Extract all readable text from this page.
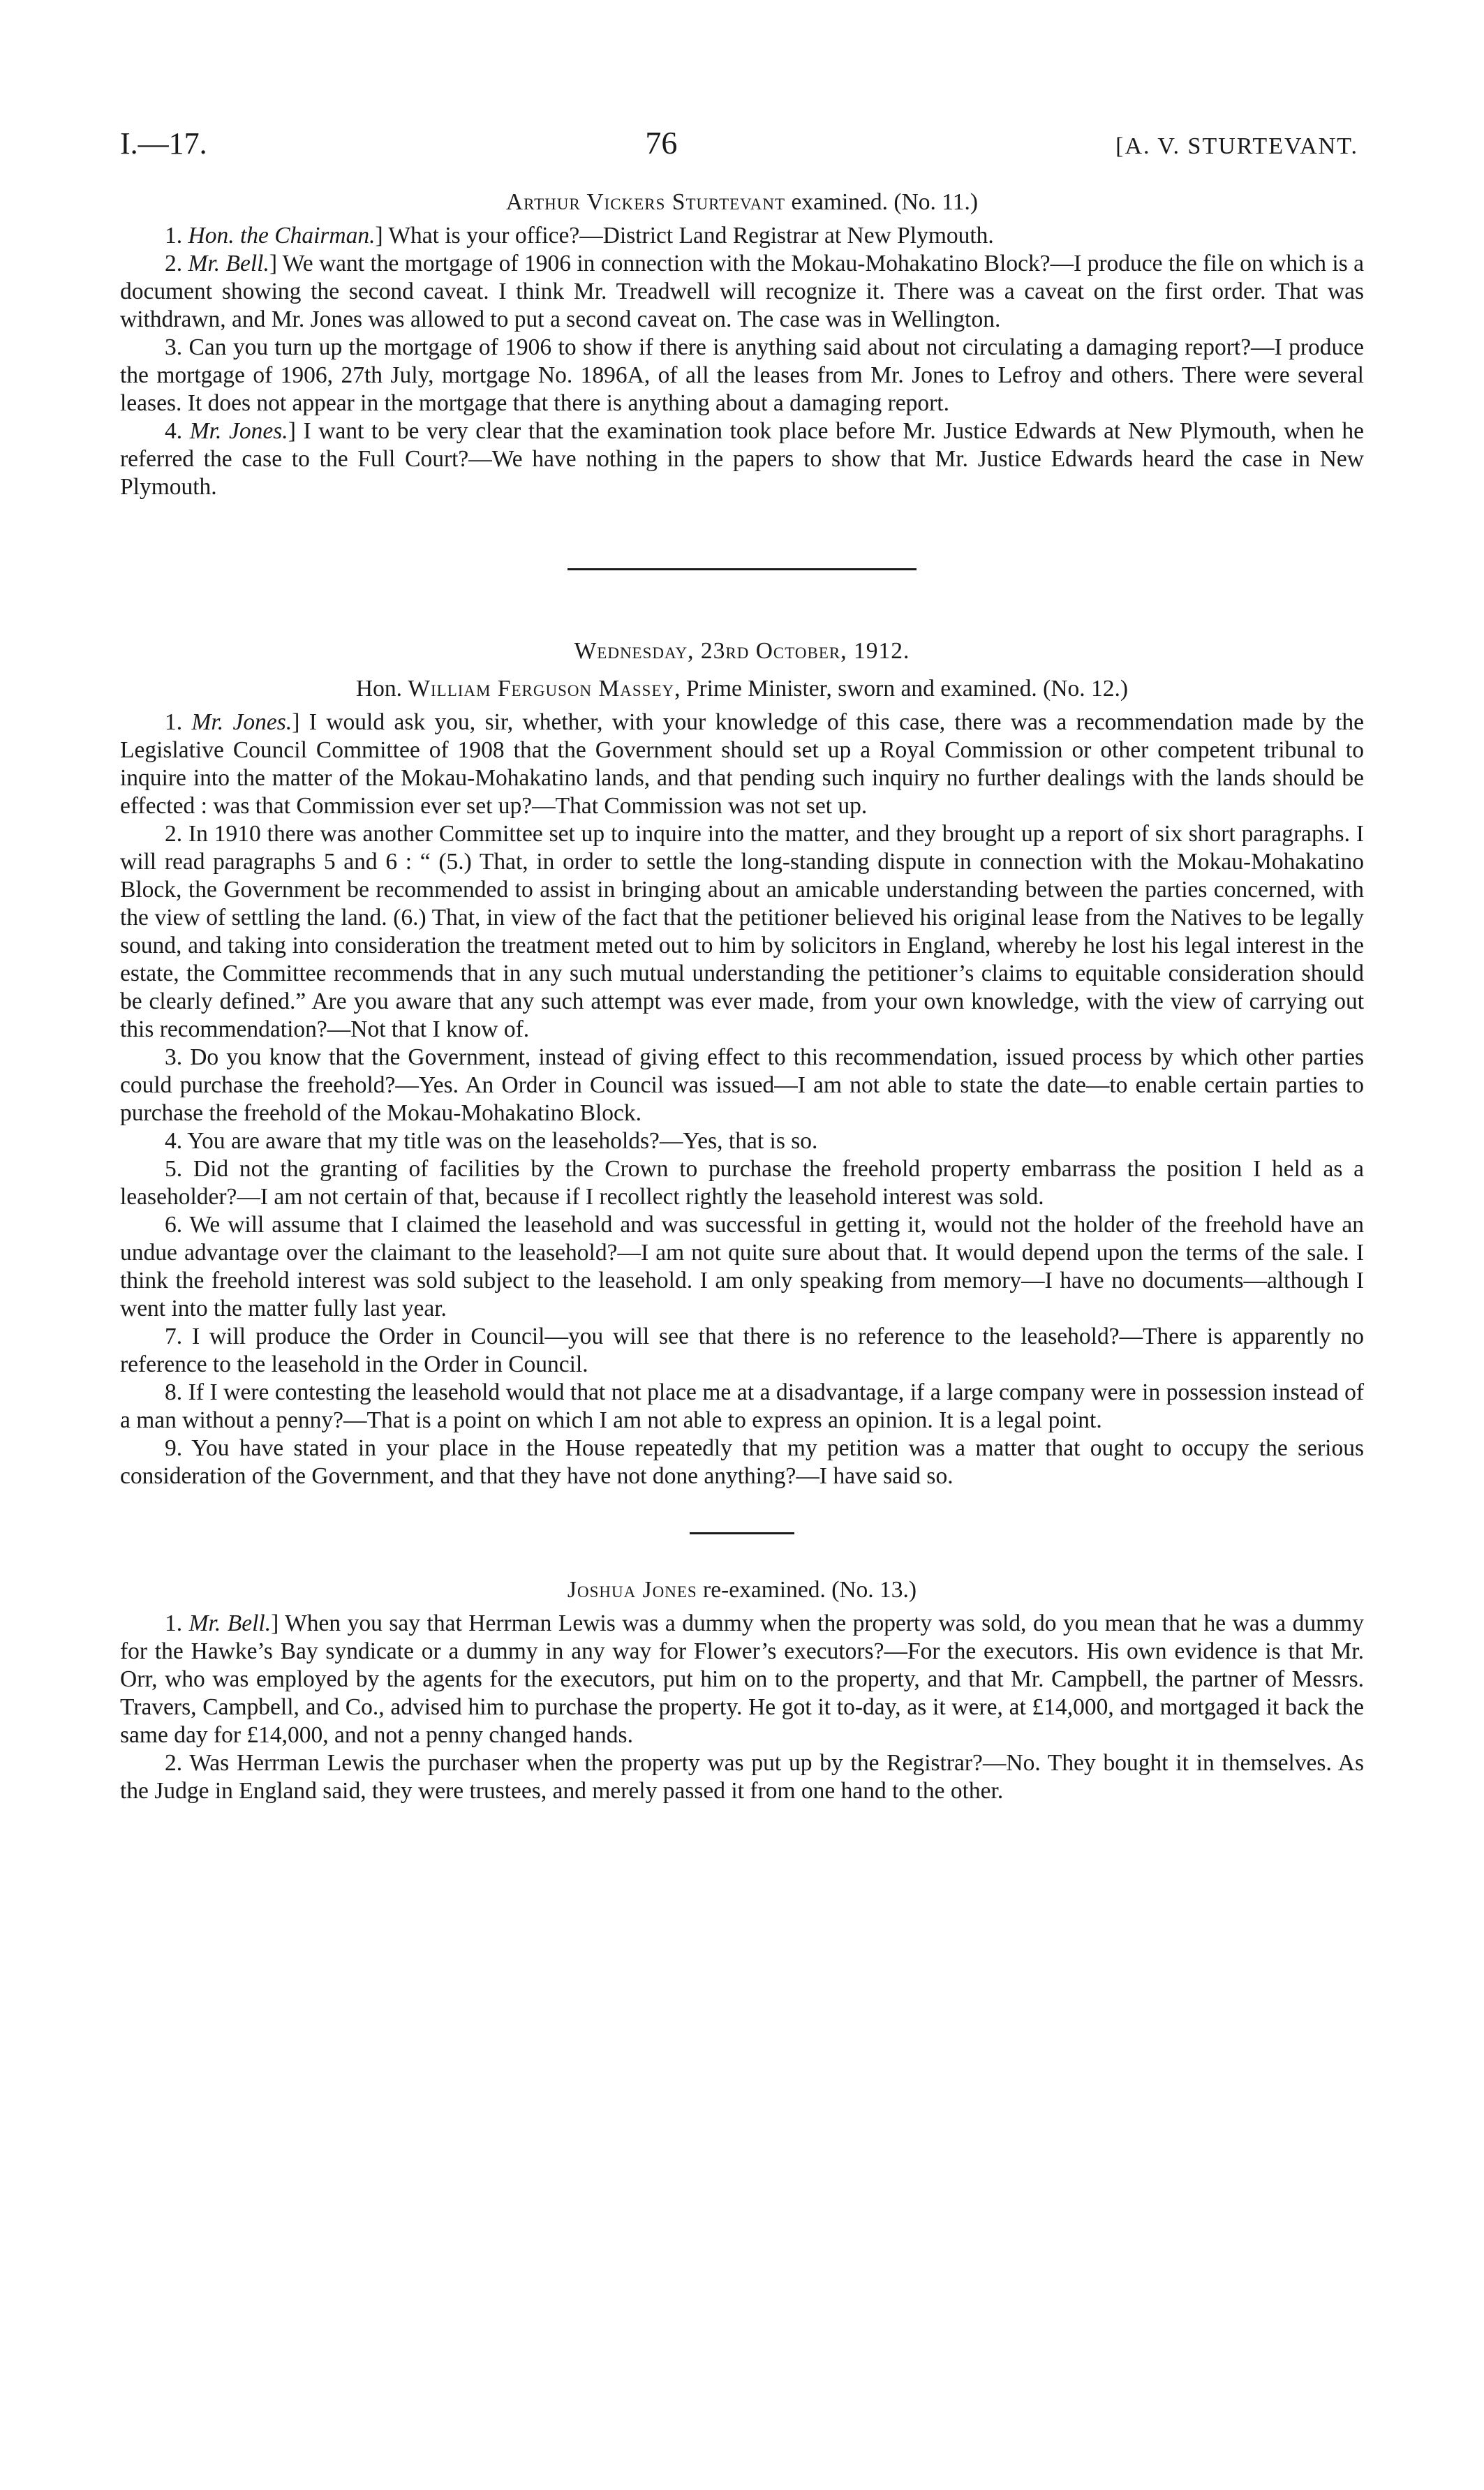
I.—17.	76	[A. V. STURTEVANT.
Arthur Vickers Sturtevant examined. (No. 11.)

1. Hon. the Chairman.] What is your office?—District Land Registrar at New Plymouth.

2. Mr. Bell.] We want the mortgage of 1906 in connection with the Mokau-Mohakatino Block?—I produce the file on which is a document showing the second caveat. I think Mr. Treadwell will recognize it. There was a caveat on the first order. That was withdrawn, and Mr. Jones was allowed to put a second caveat on. The case was in Wellington.

3. Can you turn up the mortgage of 1906 to show if there is anything said about not circulating a damaging report?—I produce the mortgage of 1906, 27th July, mortgage No. 1896A, of all the leases from Mr. Jones to Lefroy and others. There were several leases. It does not appear in the mortgage that there is anything about a damaging report.

4. Mr. Jones.] I want to be very clear that the examination took place before Mr. Justice Edwards at New Plymouth, when he referred the case to the Full Court?—We have nothing in the papers to show that Mr. Justice Edwards heard the case in New Plymouth.

Wednesday, 23rd October, 1912.
Hon. William Ferguson Massey, Prime Minister, sworn and examined. (No. 12.)

1. Mr. Jones.] I would ask you, sir, whether, with your knowledge of this case, there was a recommendation made by the Legislative Council Committee of 1908 that the Government should set up a Royal Commission or other competent tribunal to inquire into the matter of the Mokau-Mohakatino lands, and that pending such inquiry no further dealings with the lands should be effected : was that Commission ever set up?—That Commission was not set up.

2. In 1910 there was another Committee set up to inquire into the matter, and they brought up a report of six short paragraphs. I will read paragraphs 5 and 6 : “ (5.) That, in order to settle the long-standing dispute in connection with the Mokau-Mohakatino Block, the Government be recommended to assist in bringing about an amicable understanding between the parties concerned, with the view of settling the land. (6.) That, in view of the fact that the petitioner believed his original lease from the Natives to be legally sound, and taking into consideration the treatment meted out to him by solicitors in England, whereby he lost his legal interest in the estate, the Committee recommends that in any such mutual understanding the petitioner’s claims to equitable consideration should be clearly defined.” Are you aware that any such attempt was ever made, from your own knowledge, with the view of carrying out this recommendation?—Not that I know of.

3. Do you know that the Government, instead of giving effect to this recommendation, issued process by which other parties could purchase the freehold?—Yes. An Order in Council was issued—I am not able to state the date—to enable certain parties to purchase the freehold of the Mokau-Mohakatino Block.

4. You are aware that my title was on the leaseholds?—Yes, that is so.

5. Did not the granting of facilities by the Crown to purchase the freehold property embarrass the position I held as a leaseholder?—I am not certain of that, because if I recollect rightly the leasehold interest was sold.

6. We will assume that I claimed the leasehold and was successful in getting it, would not the holder of the freehold have an undue advantage over the claimant to the leasehold?—I am not quite sure about that. It would depend upon the terms of the sale. I think the freehold interest was sold subject to the leasehold. I am only speaking from memory—I have no documents—although I went into the matter fully last year.

7. I will produce the Order in Council—you will see that there is no reference to the leasehold?—There is apparently no reference to the leasehold in the Order in Council.

8. If I were contesting the leasehold would that not place me at a disadvantage, if a large company were in possession instead of a man without a penny?—That is a point on which I am not able to express an opinion. It is a legal point.

9. You have stated in your place in the House repeatedly that my petition was a matter that ought to occupy the serious consideration of the Government, and that they have not done anything?—I have said so.

Joshua Jones re-examined. (No. 13.)

1. Mr. Bell.] When you say that Herrman Lewis was a dummy when the property was sold, do you mean that he was a dummy for the Hawke’s Bay syndicate or a dummy in any way for Flower’s executors?—For the executors. His own evidence is that Mr. Orr, who was employed by the agents for the executors, put him on to the property, and that Mr. Campbell, the partner of Messrs. Travers, Campbell, and Co., advised him to purchase the property. He got it to-day, as it were, at £14,000, and mortgaged it back the same day for £14,000, and not a penny changed hands.

2. Was Herrman Lewis the purchaser when the property was put up by the Registrar?—No. They bought it in themselves. As the Judge in England said, they were trustees, and merely passed it from one hand to the other.
